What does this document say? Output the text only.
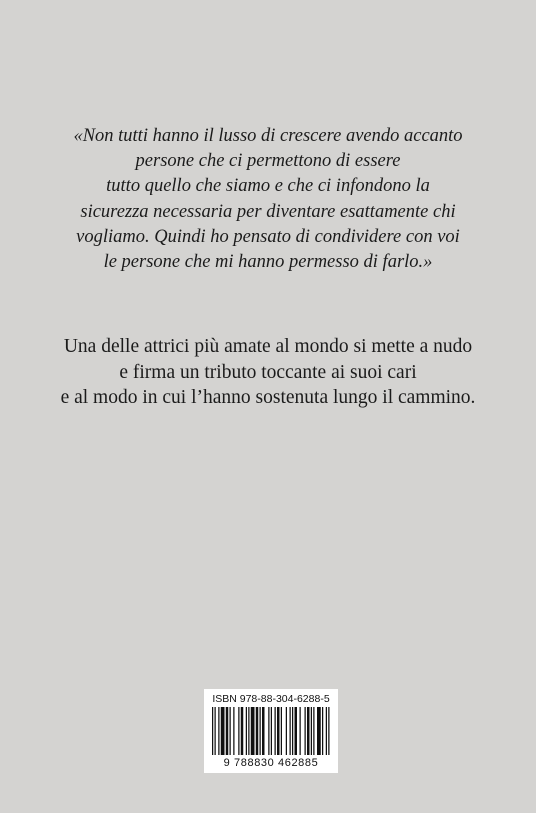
«Non tutti hanno il lusso di crescere avendo accanto
persone che ci permettono di essere
tutto quello che siamo e che ci infondono la
sicurezza necessaria per diventare esattamente chi
vogliamo. Quindi ho pensato di condividere con voi
le persone che mi hanno permesso di farlo.»
Una delle attrici più amate al mondo si mette a nudo
e firma un tributo toccante ai suoi cari
e al modo in cui l’hanno sostenuta lungo il cammino.
ISBN 978-88-304-6288-5
9 788830 462885
